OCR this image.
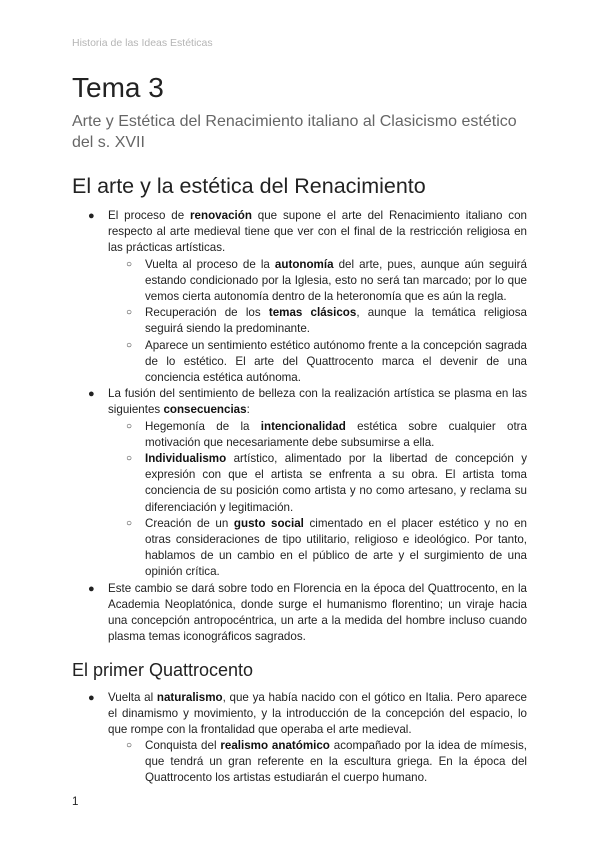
Historia de las Ideas Estéticas
Tema 3

Arte y Estética del Renacimiento italiano al Clasicismo estético del s. XVII

El arte y la estética del Renacimiento
● El proceso de renovación que supone el arte del Renacimiento italiano con respecto al arte medieval tiene que ver con el final de la restricción religiosa en las prácticas artísticas.
○ Vuelta al proceso de la autonomía del arte, pues, aunque aún seguirá estando condicionado por la Iglesia, esto no será tan marcado; por lo que vemos cierta autonomía dentro de la heteronomía que es aún la regla.
○ Recuperación de los temas clásicos, aunque la temática religiosa seguirá siendo la predominante.
○ Aparece un sentimiento estético autónomo frente a la concepción sagrada de lo estético. El arte del Quattrocento marca el devenir de una conciencia estética autónoma.
● La fusión del sentimiento de belleza con la realización artística se plasma en las siguientes consecuencias:
○ Hegemonía de la intencionalidad estética sobre cualquier otra motivación que necesariamente debe subsumirse a ella.
○ Individualismo artístico, alimentado por la libertad de concepción y expresión con que el artista se enfrenta a su obra. El artista toma conciencia de su posición como artista y no como artesano, y reclama su diferenciación y legitimación.
○ Creación de un gusto social cimentado en el placer estético y no en otras consideraciones de tipo utilitario, religioso e ideológico. Por tanto, hablamos de un cambio en el público de arte y el surgimiento de una opinión crítica.
● Este cambio se dará sobre todo en Florencia en la época del Quattrocento, en la Academia Neoplatónica, donde surge el humanismo florentino; un viraje hacia una concepción antropocéntrica, un arte a la medida del hombre incluso cuando plasma temas iconográficos sagrados.
El primer Quattrocento
● Vuelta al naturalismo, que ya había nacido con el gótico en Italia. Pero aparece el dinamismo y movimiento, y la introducción de la concepción del espacio, lo que rompe con la frontalidad que operaba el arte medieval.
○ Conquista del realismo anatómico acompañado por la idea de mímesis, que tendrá un gran referente en la escultura griega. En la época del Quattrocento los artistas estudiarán el cuerpo humano.
1
